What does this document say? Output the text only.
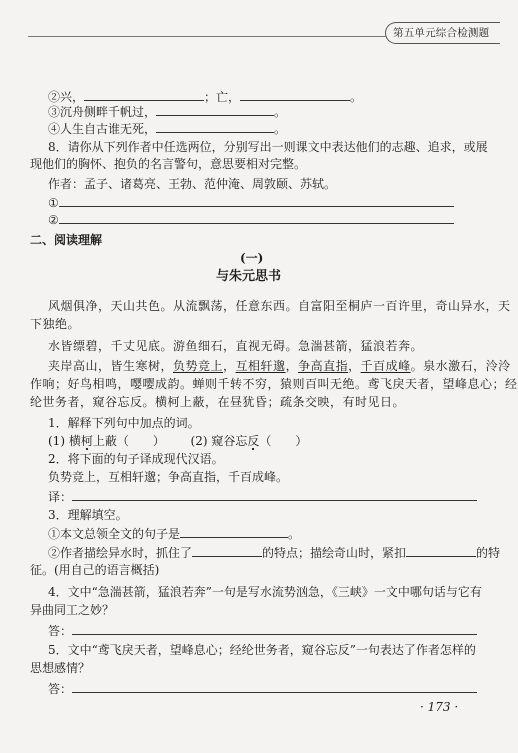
第五单元综合检测题
②兴，	；亡，	。
③沉舟侧畔千帆过，	。
④人生自古谁无死，	。
8．请你从下列作者中任选两位，分别写出一则课文中表达他们的志趣、追求，或展
现他们的胸怀、抱负的名言警句，意思要相对完整。
作者：孟子、诸葛亮、王勃、范仲淹、周敦颐、苏轼。
①
②
二、阅读理解
(一)
与朱元思书
风烟俱净，天山共色。从流飘荡，任意东西。自富阳至桐庐一百许里，奇山异水，天
下独绝。
水皆缥碧，千丈见底。游鱼细石，直视无碍。急湍甚箭，猛浪若奔。
夹岸高山，皆生寒树，负势竞上，互相轩邈，争高直指，千百成峰。泉水激石，泠泠
作响；好鸟相鸣，嘤嘤成韵。蝉则千转不穷，猿则百叫无绝。鸢飞戾天者，望峰息心；经
纶世务者，窥谷忘反。横柯上蔽，在昼犹昏；疏条交映，有时见日。
1．解释下列句中加点的词。
(1) 横柯上蔽（　　） (2) 窥谷忘反（　　）
2．将下面的句子译成现代汉语。
负势竞上，互相轩邈；争高直指，千百成峰。
译：
3．理解填空。
①本文总领全文的句子是	。
②作者描绘异水时，抓住了	的特点；描绘奇山时，紧扣	的特
征。(用自己的语言概括)
4．文中“急湍甚箭，猛浪若奔”一句是写水流势汹急，《三峡》一文中哪句话与它有
异曲同工之妙？
答：
5．文中“鸢飞戾天者，望峰息心；经纶世务者，窥谷忘反”一句表达了作者怎样的
思想感情？
答：
· 173 ·
